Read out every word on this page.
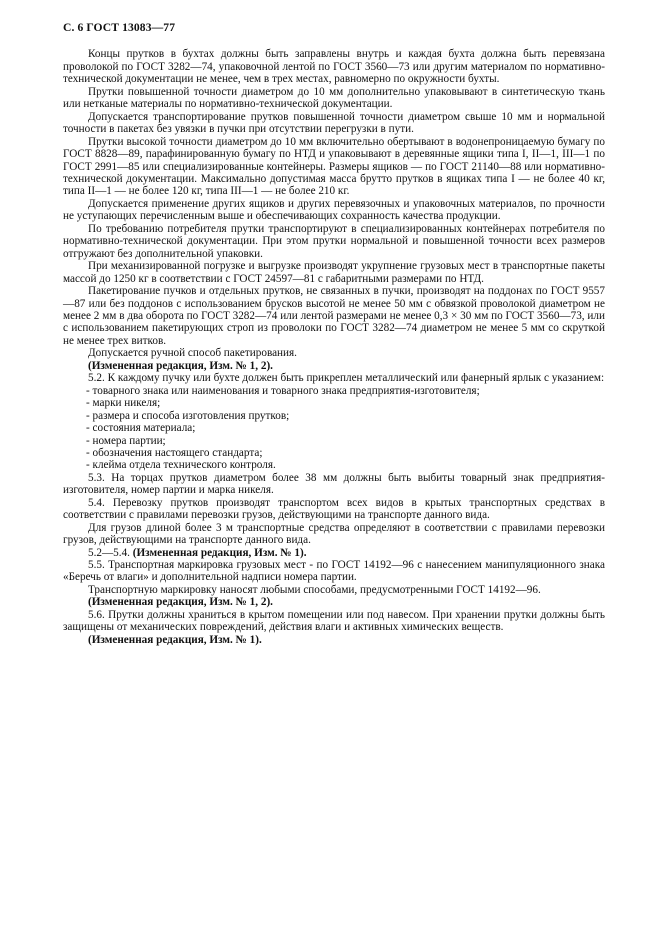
С. 6 ГОСТ 13083—77

Концы прутков в бухтах должны быть заправлены внутрь и каждая бухта должна быть перевязана проволокой по ГОСТ 3282—74, упаковочной лентой по ГОСТ 3560—73 или другим материалом по нормативно-технической документации не менее, чем в трех местах, равномерно по окружности бухты.

Прутки повышенной точности диаметром до 10 мм дополнительно упаковывают в синтетическую ткань или нетканые материалы по нормативно-технической документации.

Допускается транспортирование прутков повышенной точности диаметром свыше 10 мм и нормальной точности в пакетах без увязки в пучки при отсутствии перегрузки в пути.

Прутки высокой точности диаметром до 10 мм включительно обертывают в водонепроницаемую бумагу по ГОСТ 8828—89, парафинированную бумагу по НТД и упаковывают в деревянные ящики типа I, II—1, III—1 по ГОСТ 2991—85 или специализированные контейнеры. Размеры ящиков — по ГОСТ 21140—88 или нормативно-технической документации. Максимально допустимая масса брутто прутков в ящиках типа I — не более 40 кг, типа II—1 — не более 120 кг, типа III—1 — не более 210 кг.

Допускается применение других ящиков и других перевязочных и упаковочных материалов, по прочности не уступающих перечисленным выше и обеспечивающих сохранность качества продукции.

По требованию потребителя прутки транспортируют в специализированных контейнерах потребителя по нормативно-технической документации. При этом прутки нормальной и повышенной точности всех размеров отгружают без дополнительной упаковки.

При механизированной погрузке и выгрузке производят укрупнение грузовых мест в транспортные пакеты массой до 1250 кг в соответствии с ГОСТ 24597—81 с габаритными размерами по НТД.

Пакетирование пучков и отдельных прутков, не связанных в пучки, производят на поддонах по ГОСТ 9557—87 или без поддонов с использованием брусков высотой не менее 50 мм с обвязкой проволокой диаметром не менее 2 мм в два оборота по ГОСТ 3282—74 или лентой размерами не менее 0,3 × 30 мм по ГОСТ 3560—73, или с использованием пакетирующих строп из проволоки по ГОСТ 3282—74 диаметром не менее 5 мм со скруткой не менее трех витков.

Допускается ручной способ пакетирования.

(Измененная редакция, Изм. № 1, 2).

5.2. К каждому пучку или бухте должен быть прикреплен металлический или фанерный ярлык с указанием:

- товарного знака или наименования и товарного знака предприятия-изготовителя;

- марки никеля;

- размера и способа изготовления прутков;

- состояния материала;

- номера партии;

- обозначения настоящего стандарта;

- клейма отдела технического контроля.

5.3. На торцах прутков диаметром более 38 мм должны быть выбиты товарный знак предприятия-изготовителя, номер партии и марка никеля.

5.4. Перевозку прутков производят транспортом всех видов в крытых транспортных средствах в соответствии с правилами перевозки грузов, действующими на транспорте данного вида.

Для грузов длиной более 3 м транспортные средства определяют в соответствии с правилами перевозки грузов, действующими на транспорте данного вида.

5.2—5.4. (Измененная редакция, Изм. № 1).

5.5. Транспортная маркировка грузовых мест - по ГОСТ 14192—96 с нанесением манипуляционного знака «Беречь от влаги» и дополнительной надписи номера партии.

Транспортную маркировку наносят любыми способами, предусмотренными ГОСТ 14192—96.

(Измененная редакция, Изм. № 1, 2).

5.6. Прутки должны храниться в крытом помещении или под навесом. При хранении прутки должны быть защищены от механических повреждений, действия влаги и активных химических веществ.

(Измененная редакция, Изм. № 1).
